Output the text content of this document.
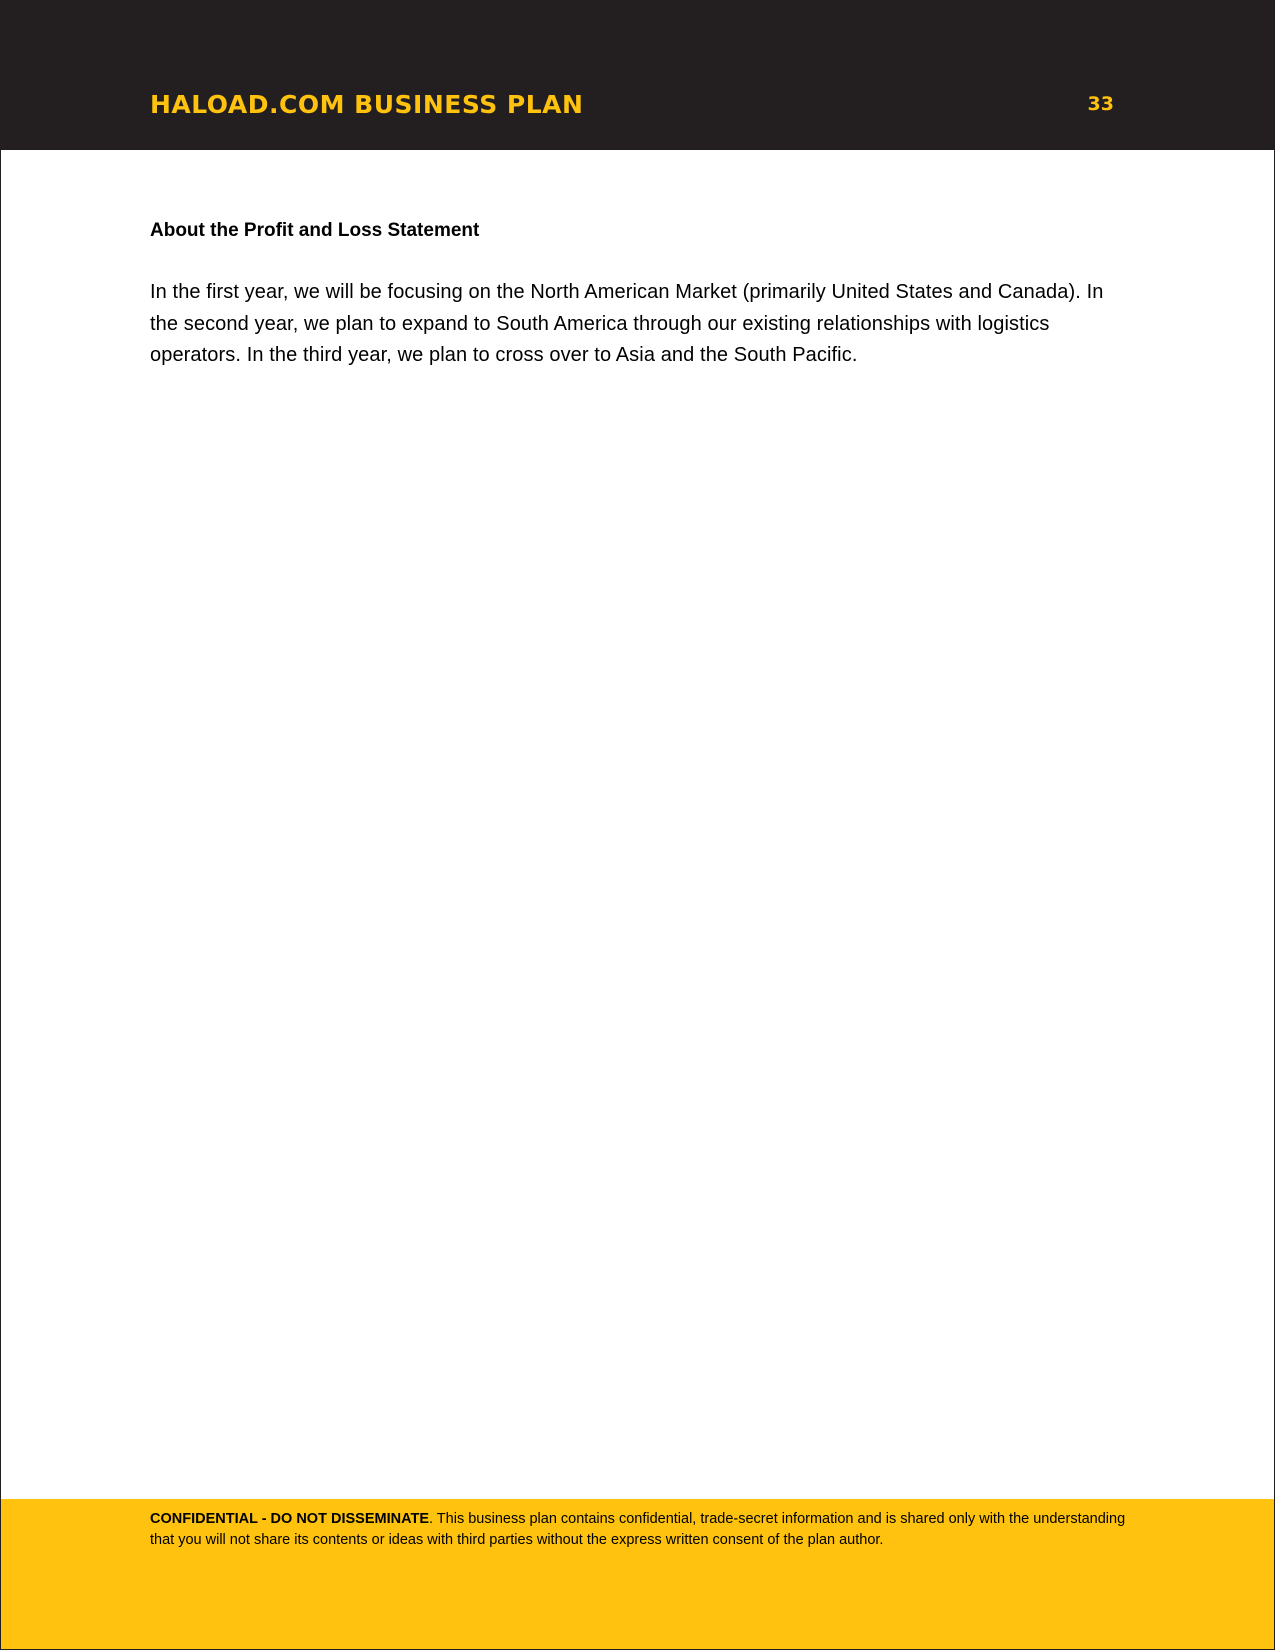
HALOAD.COM BUSINESS PLAN	33
About the Profit and Loss Statement

In the first year, we will be focusing on the North American Market (primarily United States and Canada). In the second year, we plan to expand to South America through our existing relationships with logistics operators. In the third year, we plan to cross over to Asia and the South Pacific.

CONFIDENTIAL - DO NOT DISSEMINATE. This business plan contains confidential, trade-secret information and is shared only with the understanding that you will not share its contents or ideas with third parties without the express written consent of the plan author.
